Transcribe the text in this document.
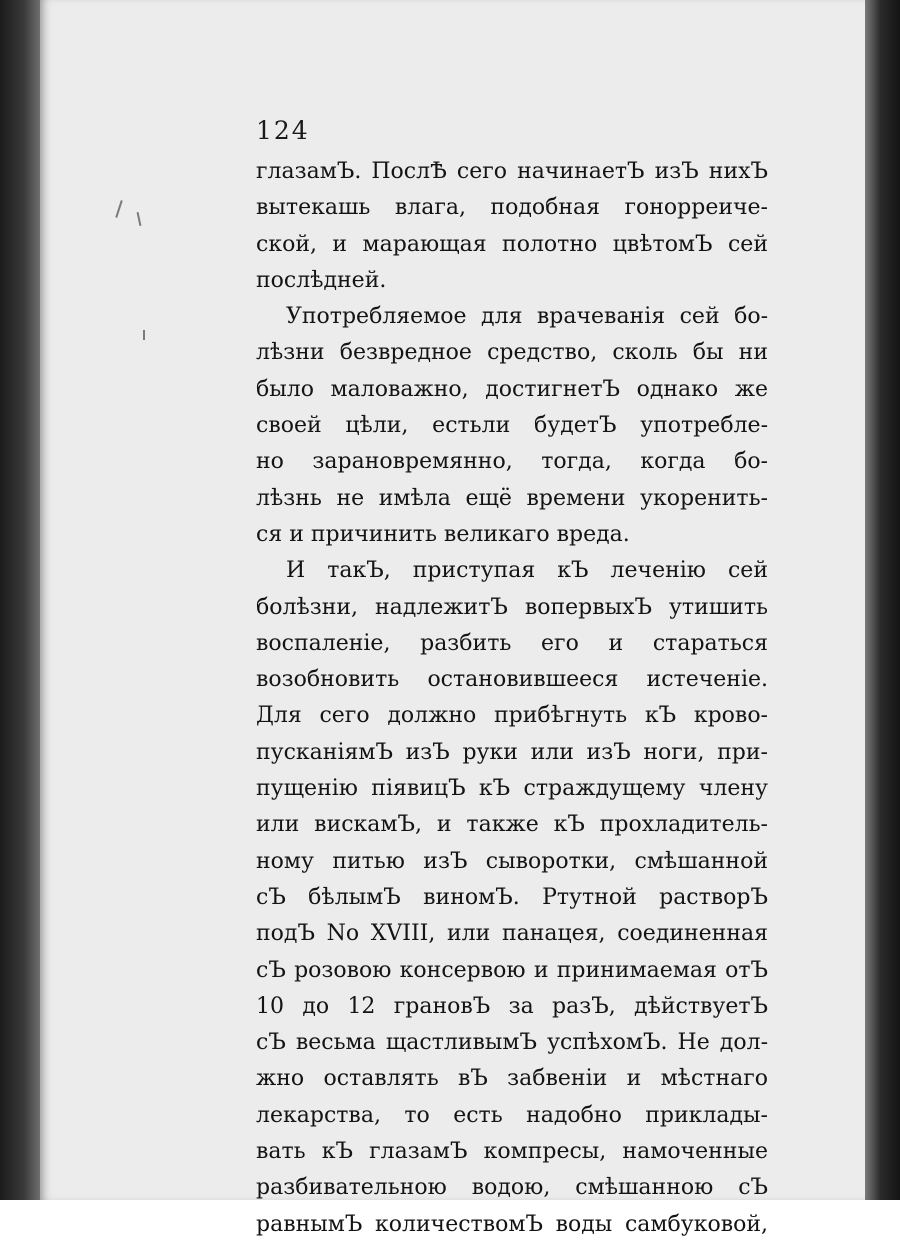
124
глазамЪ. ПослѢ сего начинаетЪ изЪ нихЪ
вытекашь влага, подобная гонорреиче-
ской, и марающая полотно цвѣтомЪ сей
послѣдней.
Употребляемое для врачеванія сей бо-
лѣзни безвредное средство, сколь бы ни
было маловажно, достигнетЪ однако же
своей цѣли, естьли будетЪ употребле-
но зарановремянно, тогда, когда бо-
лѣзнь не имѣла ещё времени укоренить-
ся и причинить великаго вреда.
И такЪ, приступая кЪ леченію сей
болѣзни, надлежитЪ вопервыхЪ утишить
воспаленіе, разбить его и стараться
возобновить остановившееся истеченіе.
Для сего должно прибѣгнуть кЪ крово-
пусканіямЪ изЪ руки или изЪ ноги, при-
пущенію піявицЪ кЪ страждущему члену
или вискамЪ, и также кЪ прохладитель-
ному питью изЪ сыворотки, смѣшанной
сЪ бѣлымЪ виномЪ. Ртутной растворЪ
подЪ No XVIII, или панацея, соединенная
сЪ розовою консервою и принимаемая отЪ
10 до 12 грановЪ за разЪ, дѣйствуетЪ
сЪ весьма щастливымЪ успѣхомЪ. Не дол-
жно оставлять вЪ забвеніи и мѣстнаго
лекарства, то есть надобно приклады-
вать кЪ глазамЪ компресы, намоченные
разбивательною водою, смѣшанною сЪ
равнымЪ количествомЪ воды самбуковой,
